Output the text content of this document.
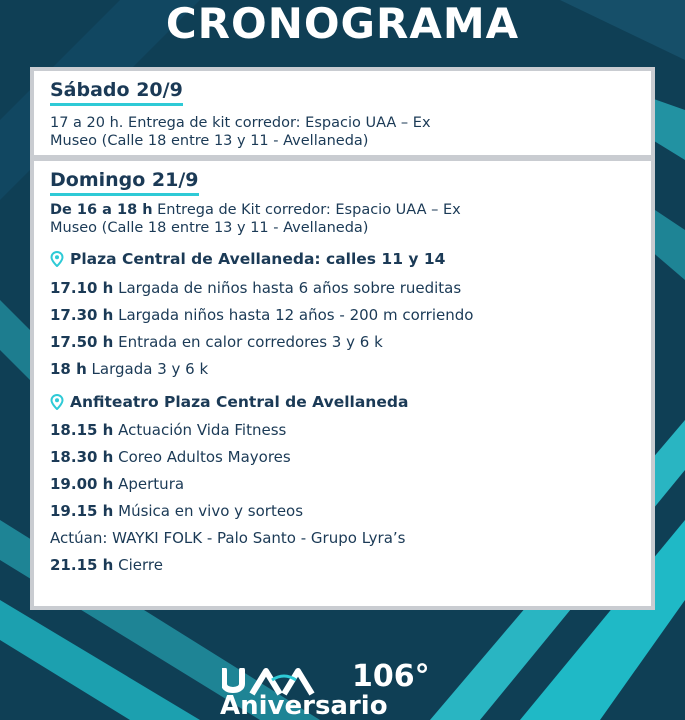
CRONOGRAMA
Sábado 20/9
17 a 20 h. Entrega de kit corredor: Espacio UAA – Ex
Museo (Calle 18 entre 13 y 11 - Avellaneda)
Domingo 21/9
De 16 a 18 h Entrega de Kit corredor: Espacio UAA – Ex
Museo (Calle 18 entre 13 y 11 - Avellaneda)
Plaza Central de Avellaneda: calles 11 y 14
17.10 h Largada de niños hasta 6 años sobre rueditas
17.30 h Largada niños hasta 12 años - 200 m corriendo
17.50 h Entrada en calor corredores 3 y 6 k
18 h Largada 3 y 6 k
Anfiteatro Plaza Central de Avellaneda
18.15 h Actuación Vida Fitness
18.30 h Coreo Adultos Mayores
19.00 h Apertura
19.15 h Música en vivo y sorteos
Actúan: WAYKI FOLK - Palo Santo - Grupo Lyra’s
21.15 h Cierre
106°
Aniversario
